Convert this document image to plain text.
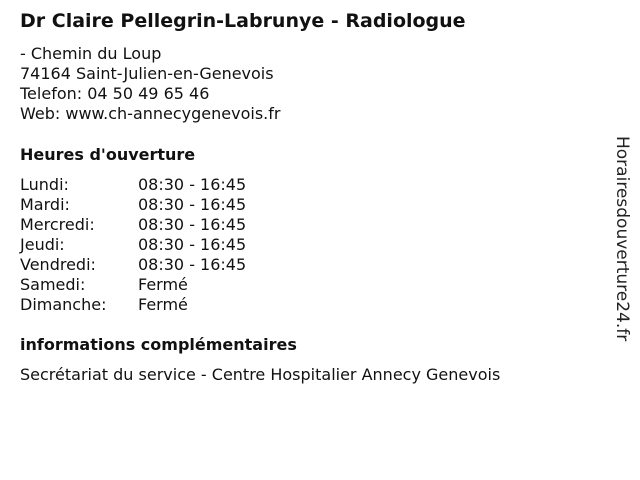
Dr Claire Pellegrin-Labrunye - Radiologue
- Chemin du Loup
74164 Saint-Julien-en-Genevois
Telefon: 04 50 49 65 46
Web: www.ch-annecygenevois.fr
Heures d'ouverture
Lundi:	08:30 - 16:45
Mardi:	08:30 - 16:45
Mercredi:	08:30 - 16:45
Jeudi:	08:30 - 16:45
Vendredi:	08:30 - 16:45
Samedi:	Fermé
Dimanche:	Fermé
informations complémentaires
Secrétariat du service - Centre Hospitalier Annecy Genevois
Horairesdouverture24.fr
